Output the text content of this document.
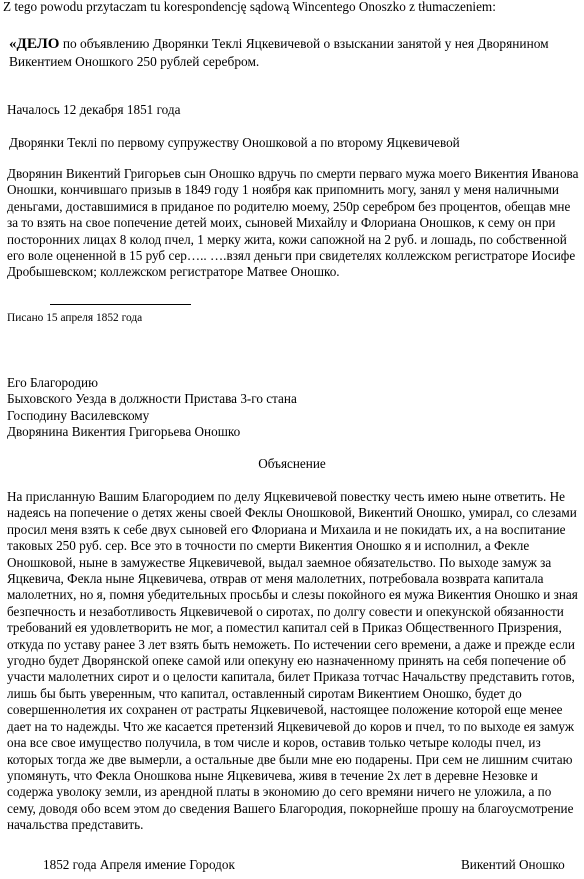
Z tego powodu przytaczam tu korespondencję sądową Wincentego Onoszko z tłumaczeniem:
«ДЕЛО по объявлению Дворянки Теклі Яцкевичевой о взыскании занятой у нея Дворянином Викентием Оношкого 250 рублей серебром.
Началось 12 декабря 1851 года
Дворянки Теклі по первому супружеству Оношковой а по второму Яцкевичевой
Дворянин Викентий Григорьев сын Оношко вдручь по смерти перваго мужа моего Викентия Иванова Оношки, кончившаго призыв в 1849 году 1 ноября как припомнить могу, занял у меня наличными деньгами, доставшимися в приданое по родителю моему, 250р серебром без процентов, обещав мне за то взять на свое попечение детей моих, сыновей Михайлу и Флориана Оношков, к сему он при посторонних лицах 8 колод пчел, 1 мерку жита, кожи сапожной на 2 руб. и лошадь, по собственной его воле оцененной в 15 руб сер….. ….взял деньги при свидетелях коллежском регистраторе Иосифе Дробышевском; коллежском регистраторе Матвее Оношко.
Писано 15 апреля 1852 года
Его Благородию
Быховского Уезда в должности Пристава 3-го стана
Господину Василевскому
Дворянина Викентия Григорьева Оношко
Объяснение
На присланную Вашим Благородием по делу Яцкевичевой повестку честь имею ныне ответить. Не надеясь на попечение о детях жены своей Феклы Оношковой, Викентий Оношко, умирал, со слезами просил меня взять к себе двух сыновей его Флориана и Михаила и не покидать их, а на воспитание таковых 250 руб. сер. Все это в точности по смерти Викентия Оношко я и исполнил, а Фекле Оношковой, ныне в замужестве Яцкевичевой, выдал заемное обязательство. По выходе замуж за Яцкевича, Фекла ныне Яцкевичева, отврав от меня малолетних, потребовала возврата капитала малолетних, но я, помня убедительных просьбы и слезы покойного ея мужа Викентия Оношко и зная безпечность и незаботливость Яцкевичевой о сиротах, по долгу совести и опекунской обязанности требований ея удовлетворить не мог, а поместил капитал сей в Приказ Общественного Призрения, откуда по уставу ранее 3 лет взять быть неможеть. По истечении сего времени, а даже и прежде если угодно будет Дворянской опеке самой или опекуну ею назначенному принять на себя попечение об участи малолетних сирот и о целости капитала, билет Приказа тотчас Начальству представить готов, лишь бы быть уверенным, что капитал, оставленный сиротам Викентием Оношко, будет до совершеннолетия их сохранен от растраты Яцкевичевой, настоящее положение которой еще менее дает на то надежды. Что же касается претензий Яцкевичевой до коров и пчел, то по выходе ея замуж она все свое имущество получила, в том числе и коров, оставив только четыре колоды пчел, из которых тогда же две вымерли, а остальные две были мне ею подарены. При сем не лишним считаю упомянуть, что Фекла Оношкова ныне Яцкевичева, живя в течение 2х лет в деревне Незовке и содержа уволоку земли, из арендной платы в экономию до сего времяни ничего не уложила, а по сему, доводя обо всем этом до сведения Вашего Благородия, покорнейше прошу на благоусмотрение начальства представить.
1852 года Апреля имение Городок	Викентий Оношко
